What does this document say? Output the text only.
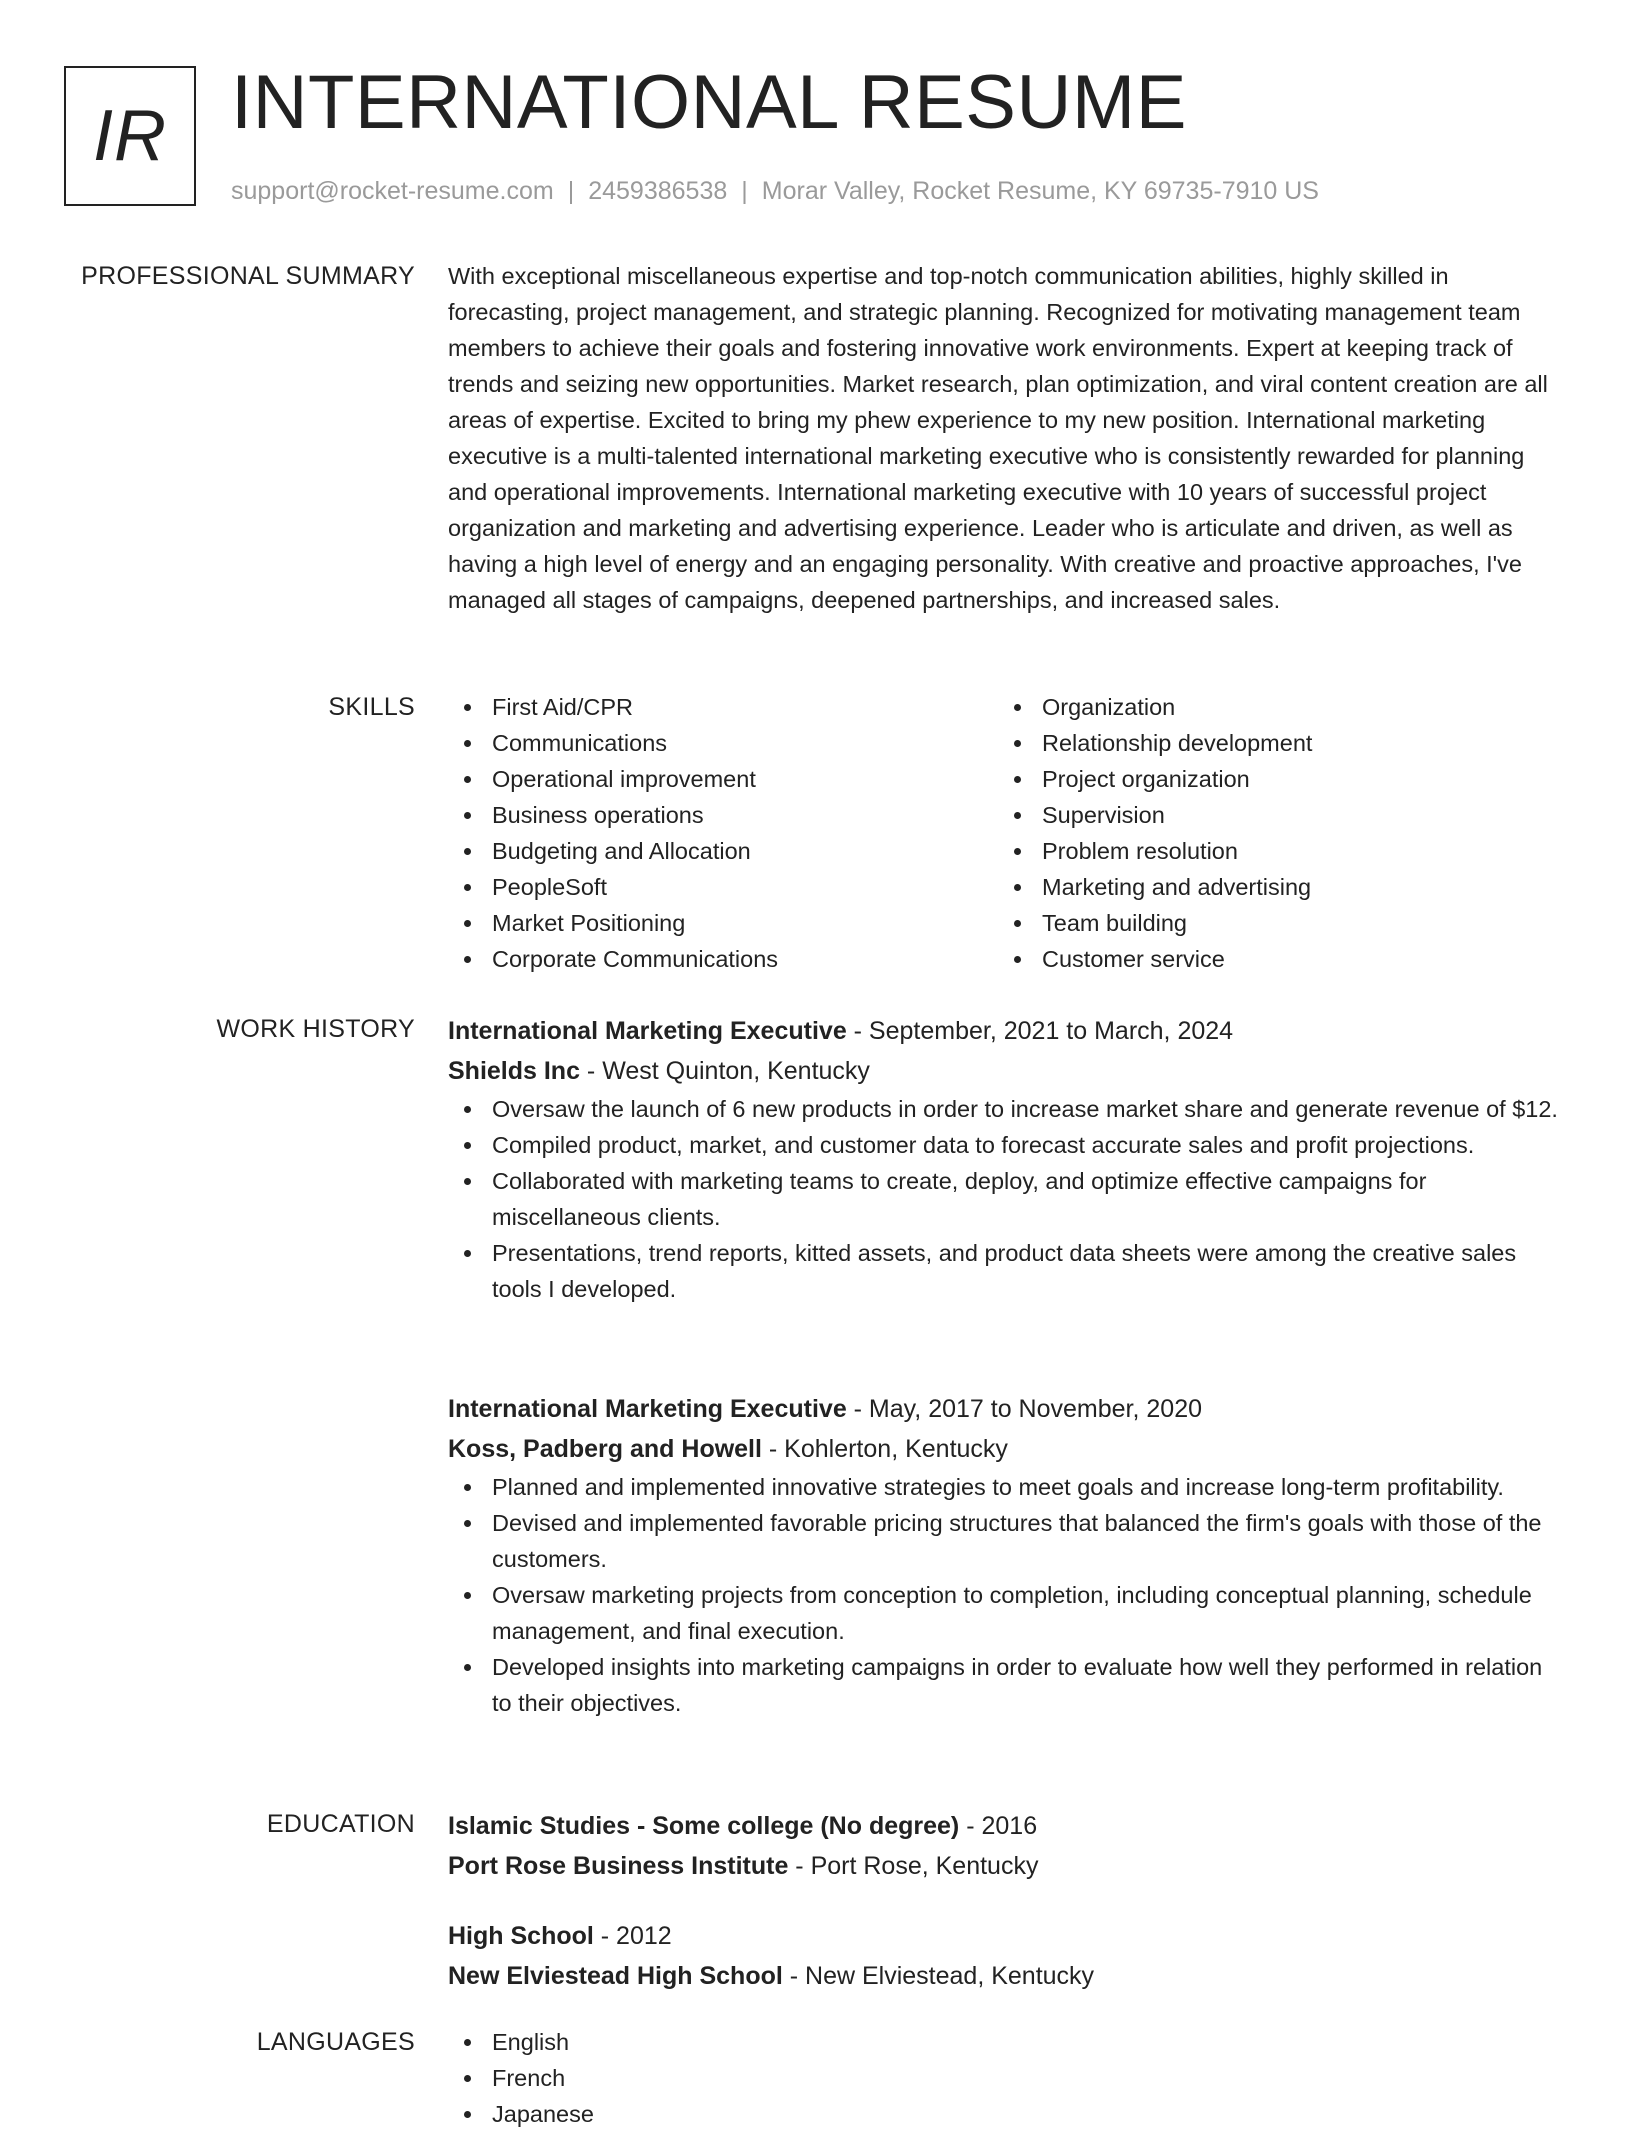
IR INTERNATIONAL RESUME
support@rocket-resume.com | 2459386538 | Morar Valley, Rocket Resume, KY 69735-7910 US
PROFESSIONAL SUMMARY With exceptional miscellaneous expertise and top-notch communication abilities, highly skilled in forecasting, project management, and strategic planning. Recognized for motivating management team members to achieve their goals and fostering innovative work environments. Expert at keeping track of trends and seizing new opportunities. Market research, plan optimization, and viral content creation are all areas of expertise. Excited to bring my phew experience to my new position. International marketing executive is a multi-talented international marketing executive who is consistently rewarded for planning and operational improvements. International marketing executive with 10 years of successful project organization and marketing and advertising experience. Leader who is articulate and driven, as well as having a high level of energy and an engaging personality. With creative and proactive approaches, I've managed all stages of campaigns, deepened partnerships, and increased sales.

SKILLS	First Aid/CPR
Communications
Operational improvement
Business operations
Budgeting and Allocation
PeopleSoft
Market Positioning
Corporate Communications
Organization
Relationship development
Project organization
Supervision
Problem resolution
Marketing and advertising
Team building
Customer service
WORK HISTORY International Marketing Executive - September, 2021 to March, 2024
Shields Inc - West Quinton, Kentucky
Oversaw the launch of 6 new products in order to increase market share and generate revenue of $12.
Compiled product, market, and customer data to forecast accurate sales and profit projections.
Collaborated with marketing teams to create, deploy, and optimize effective campaigns for miscellaneous clients.
Presentations, trend reports, kitted assets, and product data sheets were among the creative sales tools I developed.
International Marketing Executive - May, 2017 to November, 2020
Koss, Padberg and Howell - Kohlerton, Kentucky
Planned and implemented innovative strategies to meet goals and increase long-term profitability.
Devised and implemented favorable pricing structures that balanced the firm's goals with those of the customers.
Oversaw marketing projects from conception to completion, including conceptual planning, schedule management, and final execution.
Developed insights into marketing campaigns in order to evaluate how well they performed in relation to their objectives.
EDUCATION Islamic Studies - Some college (No degree) - 2016
Port Rose Business Institute - Port Rose, Kentucky
High School - 2012
New Elviestead High School - New Elviestead, Kentucky
LANGUAGES	English
French
Japanese
